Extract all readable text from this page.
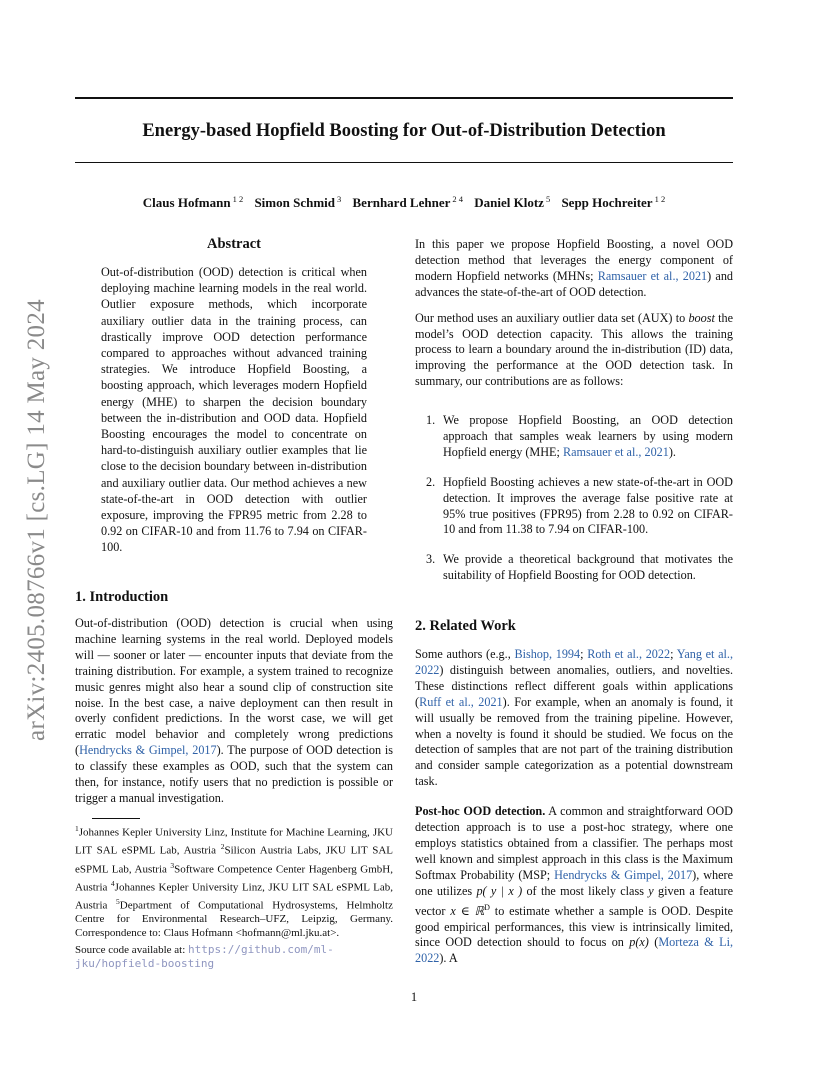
Energy-based Hopfield Boosting for Out-of-Distribution Detection
Claus Hofmann $^{1 2}$ Simon Schmid $^3$ Bernhard Lehner $^{2 4}$ Daniel Klotz $^5$ Sepp Hochreiter $^{1 2}$
arXiv:2405.08766v1 [cs.LG] 14 May 2024
Abstract
Out-of-distribution (OOD) detection is critical when deploying machine learning models in the real world. Outlier exposure methods, which incorporate auxiliary outlier data in the training process, can drastically improve OOD detection performance compared to approaches without advanced training strategies. We introduce Hopfield Boosting, a boosting approach, which leverages modern Hopfield energy (MHE) to sharpen the decision boundary between the in-distribution and OOD data. Hopfield Boosting encourages the model to concentrate on hard-to-distinguish auxiliary outlier examples that lie close to the decision boundary between in-distribution and auxiliary outlier data. Our method achieves a new state-of-the-art in OOD detection with outlier exposure, improving the FPR95 metric from 2.28 to 0.92 on CIFAR-10 and from 11.76 to 7.94 on CIFAR-100.
1. Introduction

Out-of-distribution (OOD) detection is crucial when using machine learning systems in the real world. Deployed models will — sooner or later — encounter inputs that deviate from the training distribution. For example, a system trained to recognize music genres might also hear a sound clip of construction site noise. In the best case, a naive deployment can then result in overly confident predictions. In the worst case, we will get erratic model behavior and completely wrong predictions (Hendrycks & Gimpel, 2017). The purpose of OOD detection is to classify these examples as OOD, such that the system can then, for instance, notify users that no prediction is possible or trigger a manual investigation.

$^1$Johannes Kepler University Linz, Institute for Machine Learning, JKU LIT SAL eSPML Lab, Austria $^2$Silicon Austria Labs, JKU LIT SAL eSPML Lab, Austria $^3$Software Competence Center Hagenberg GmbH, Austria $^4$Johannes Kepler University Linz, JKU LIT SAL eSPML Lab, Austria $^5$Department of Computational Hydrosystems, Helmholtz Centre for Environmental Research–UFZ, Leipzig, Germany. Correspondence to: Claus Hofmann <hofmann@ml.jku.at>.
Source code available at: https://github.com/ml-jku/hopfield-boosting

In this paper we propose Hopfield Boosting, a novel OOD detection method that leverages the energy component of modern Hopfield networks (MHNs; Ramsauer et al., 2021) and advances the state-of-the-art of OOD detection.

Our method uses an auxiliary outlier data set (AUX) to boost the model’s OOD detection capacity. This allows the training process to learn a boundary around the in-distribution (ID) data, improving the performance at the OOD detection task. In summary, our contributions are as follows:

1. We propose Hopfield Boosting, an OOD detection approach that samples weak learners by using modern Hopfield energy (MHE; Ramsauer et al., 2021).
2. Hopfield Boosting achieves a new state-of-the-art in OOD detection. It improves the average false positive rate at 95% true positives (FPR95) from 2.28 to 0.92 on CIFAR-10 and from 11.38 to 7.94 on CIFAR-100.
3. We provide a theoretical background that motivates the suitability of Hopfield Boosting for OOD detection.
2. Related Work

Some authors (e.g., Bishop, 1994; Roth et al., 2022; Yang et al., 2022) distinguish between anomalies, outliers, and novelties. These distinctions reflect different goals within applications (Ruff et al., 2021). For example, when an anomaly is found, it will usually be removed from the training pipeline. However, when a novelty is found it should be studied. We focus on the detection of samples that are not part of the training distribution and consider sample categorization as a potential downstream task.

Post-hoc OOD detection. A common and straightforward OOD detection approach is to use a post-hoc strategy, where one employs statistics obtained from a classifier. The perhaps most well known and simplest approach in this class is the Maximum Softmax Probability (MSP; Hendrycks & Gimpel, 2017), where one utilizes p( y | x ) of the most likely class y given a feature vector x ∈ ℝ$^D$ to estimate whether a sample is OOD. Despite good empirical performances, this view is intrinsically limited, since OOD detection should to focus on p(x) (Morteza & Li, 2022). A

1
